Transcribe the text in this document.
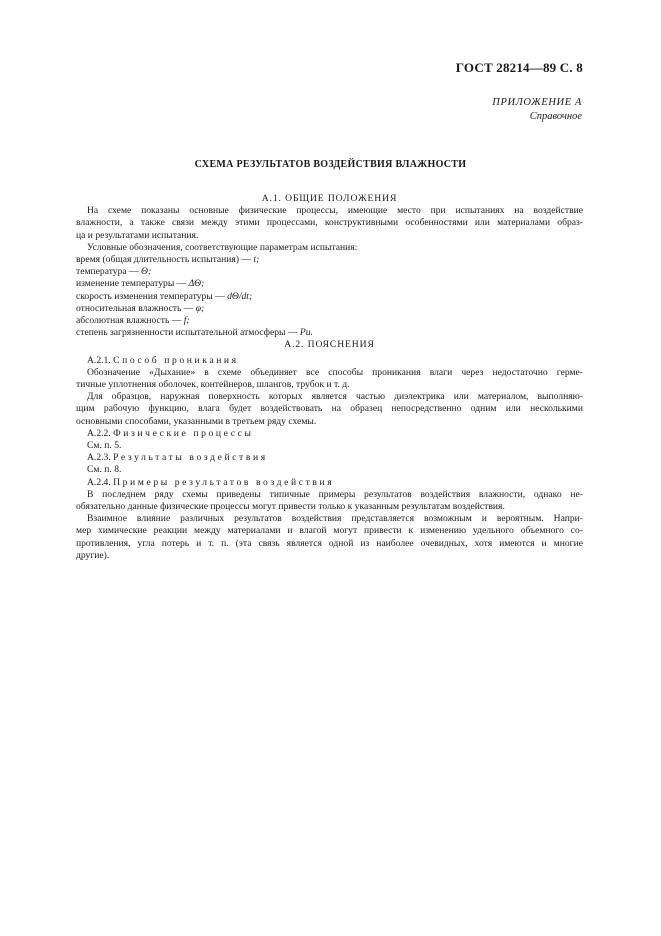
ГОСТ 28214—89 С. 8
ПРИЛОЖЕНИЕ А
Справочное
СХЕМА РЕЗУЛЬТАТОВ ВОЗДЕЙСТВИЯ ВЛАЖНОСТИ
А.1. ОБЩИЕ ПОЛОЖЕНИЯ
На схеме показаны основные физические процессы, имеющие место при испытаниях на воздействие
влажности, а также связи между этими процессами, конструктивными особенностями или материалами образ-
ца и результатами испытания.
Условные обозначения, соответствующие параметрам испытания:
время (общая длительность испытания) — t;
температура — Θ;
изменение температуры — ΔΘ;
скорость изменения температуры — dΘ/dt;
относительная влажность — φ;
абсолютная влажность — f;
степень загрязненности испытательной атмосферы — Pu.
А.2. ПОЯСНЕНИЯ
А.2.1. Способ проникания
Обозначение «Дыхание» в схеме объединяет все способы проникания влаги через недостаточно герме-
тичные уплотнения оболочек, контейнеров, шлангов, трубок и т. д.
Для образцов, наружная поверхность которых является частью диэлектрика или материалом, выполняю-
щим рабочую функцию, влага будет воздействовать на образец непосредственно одним или несколькими
основными способами, указанными в третьем ряду схемы.
А.2.2. Физические процессы
См. п. 5.
А.2.3. Результаты воздействия
См. п. 8.
А.2.4. Примеры результатов воздействия
В последнем ряду схемы приведены типичные примеры результатов воздействия влажности, однако не-
обязательно данные физические процессы могут привести только к указанным результатам воздействия.
Взаимное влияние различных результатов воздействия представляется возможным и вероятным. Напри-
мер химические реакции между материалами и влагой могут привести к изменению удельного объемного со-
противления, угла потерь и т. п. (эта связь является одной из наиболее очевидных, хотя имеются и многие
другие).
